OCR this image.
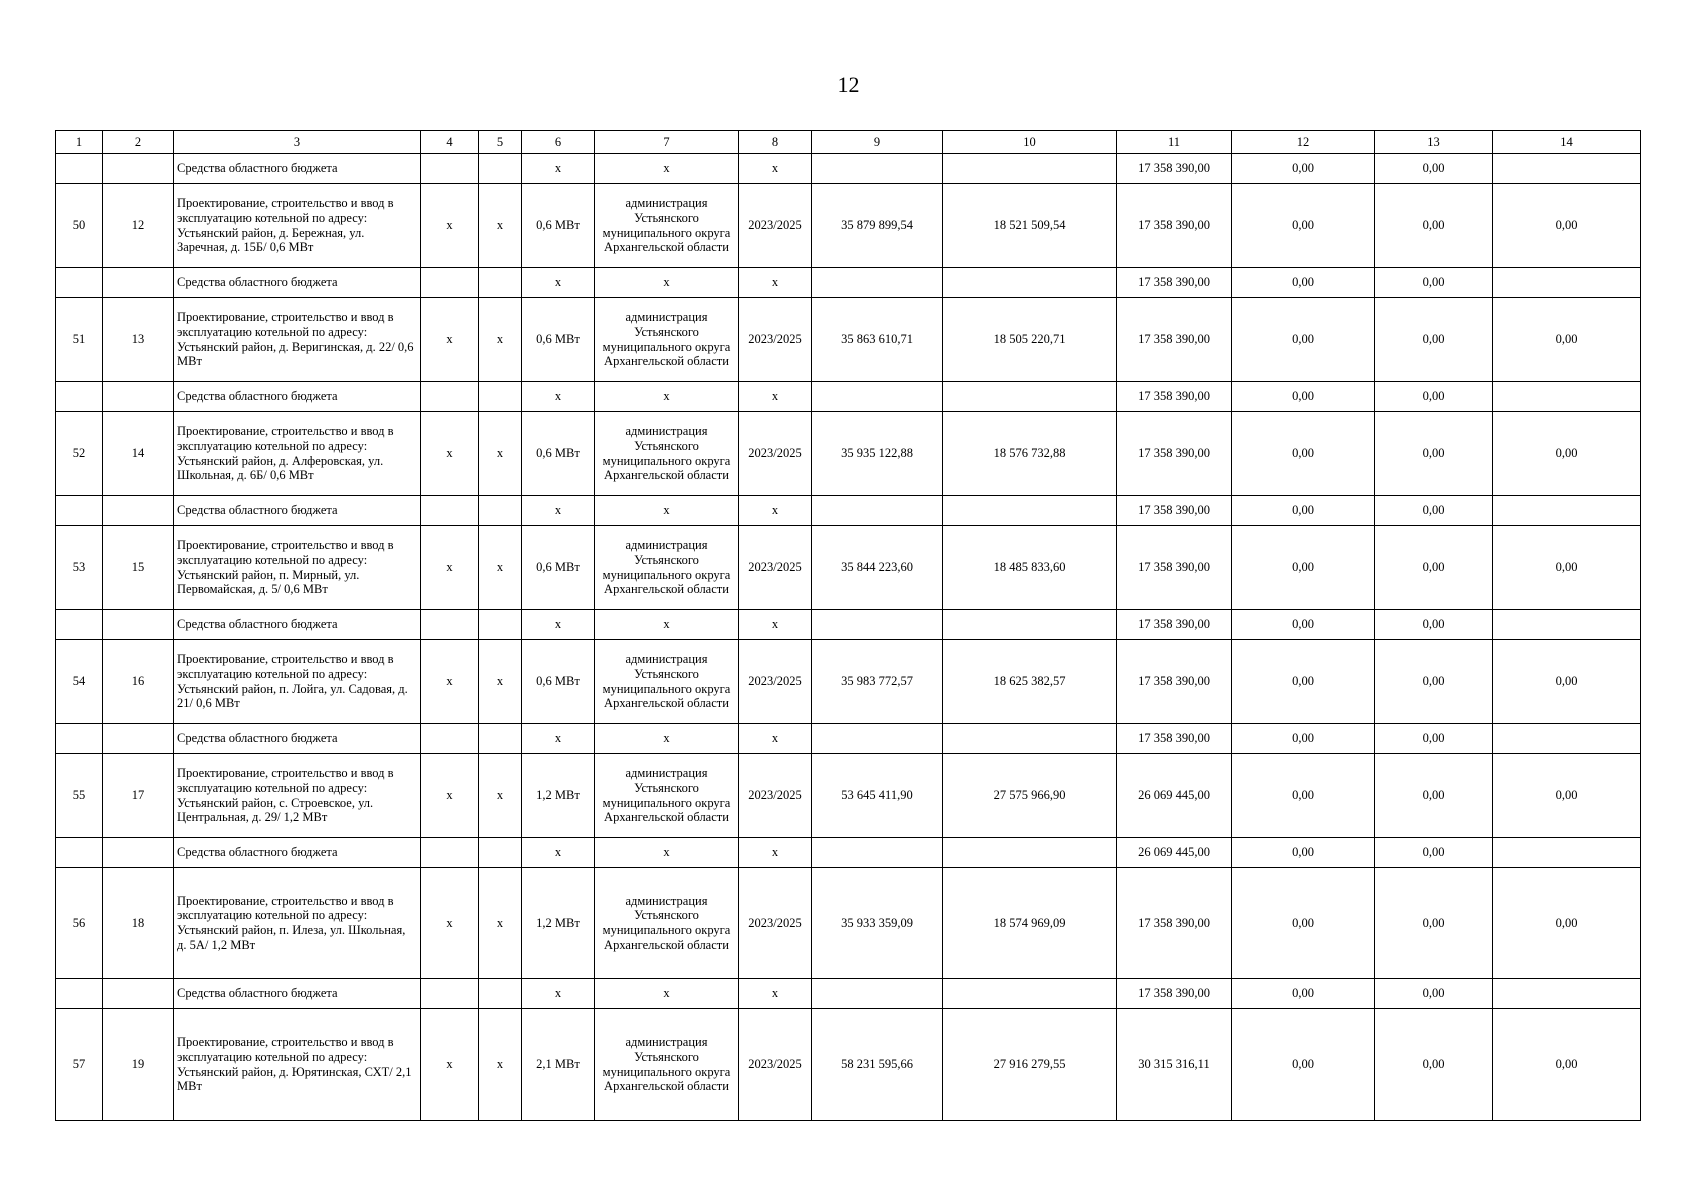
12
1	2	3	4	5	6	7	8	9	10	11	12	13	14
		Средства областного бюджета			x	x	x			17 358 390,00	0,00	0,00	
50	12	Проектирование, строительство и ввод в эксплуатацию котельной по адресу: Устьянский район, д. Бережная, ул. Заречная, д. 15Б/ 0,6 МВт	x	x	0,6 МВт	администрация Устьянского муниципального округа Архангельской области	2023/2025	35 879 899,54	18 521 509,54	17 358 390,00	0,00	0,00	0,00
		Средства областного бюджета			x	x	x			17 358 390,00	0,00	0,00	
51	13	Проектирование, строительство и ввод в эксплуатацию котельной по адресу: Устьянский район, д. Веригинская, д. 22/ 0,6 МВт	x	x	0,6 МВт	администрация Устьянского муниципального округа Архангельской области	2023/2025	35 863 610,71	18 505 220,71	17 358 390,00	0,00	0,00	0,00
		Средства областного бюджета			x	x	x			17 358 390,00	0,00	0,00	
52	14	Проектирование, строительство и ввод в эксплуатацию котельной по адресу: Устьянский район, д. Алферовская, ул. Школьная, д. 6Б/ 0,6 МВт	x	x	0,6 МВт	администрация Устьянского муниципального округа Архангельской области	2023/2025	35 935 122,88	18 576 732,88	17 358 390,00	0,00	0,00	0,00
		Средства областного бюджета			x	x	x			17 358 390,00	0,00	0,00	
53	15	Проектирование, строительство и ввод в эксплуатацию котельной по адресу: Устьянский район, п. Мирный, ул. Первомайская, д. 5/ 0,6 МВт	x	x	0,6 МВт	администрация Устьянского муниципального округа Архангельской области	2023/2025	35 844 223,60	18 485 833,60	17 358 390,00	0,00	0,00	0,00
		Средства областного бюджета			x	x	x			17 358 390,00	0,00	0,00	
54	16	Проектирование, строительство и ввод в эксплуатацию котельной по адресу: Устьянский район, п. Лойга, ул. Садовая, д. 21/ 0,6 МВт	x	x	0,6 МВт	администрация Устьянского муниципального округа Архангельской области	2023/2025	35 983 772,57	18 625 382,57	17 358 390,00	0,00	0,00	0,00
		Средства областного бюджета			x	x	x			17 358 390,00	0,00	0,00	
55	17	Проектирование, строительство и ввод в эксплуатацию котельной по адресу: Устьянский район, с. Строевское, ул. Центральная, д. 29/ 1,2 МВт	x	x	1,2 МВт	администрация Устьянского муниципального округа Архангельской области	2023/2025	53 645 411,90	27 575 966,90	26 069 445,00	0,00	0,00	0,00
		Средства областного бюджета			x	x	x			26 069 445,00	0,00	0,00	
56	18	Проектирование, строительство и ввод в эксплуатацию котельной по адресу: Устьянский район, п. Илеза, ул. Школьная, д. 5А/ 1,2 МВт	x	x	1,2 МВт	администрация Устьянского муниципального округа Архангельской области	2023/2025	35 933 359,09	18 574 969,09	17 358 390,00	0,00	0,00	0,00
		Средства областного бюджета			x	x	x			17 358 390,00	0,00	0,00	
57	19	Проектирование, строительство и ввод в эксплуатацию котельной по адресу: Устьянский район, д. Юрятинская, СХТ/ 2,1 МВт	x	x	2,1 МВт	администрация Устьянского муниципального округа Архангельской области	2023/2025	58 231 595,66	27 916 279,55	30 315 316,11	0,00	0,00	0,00
